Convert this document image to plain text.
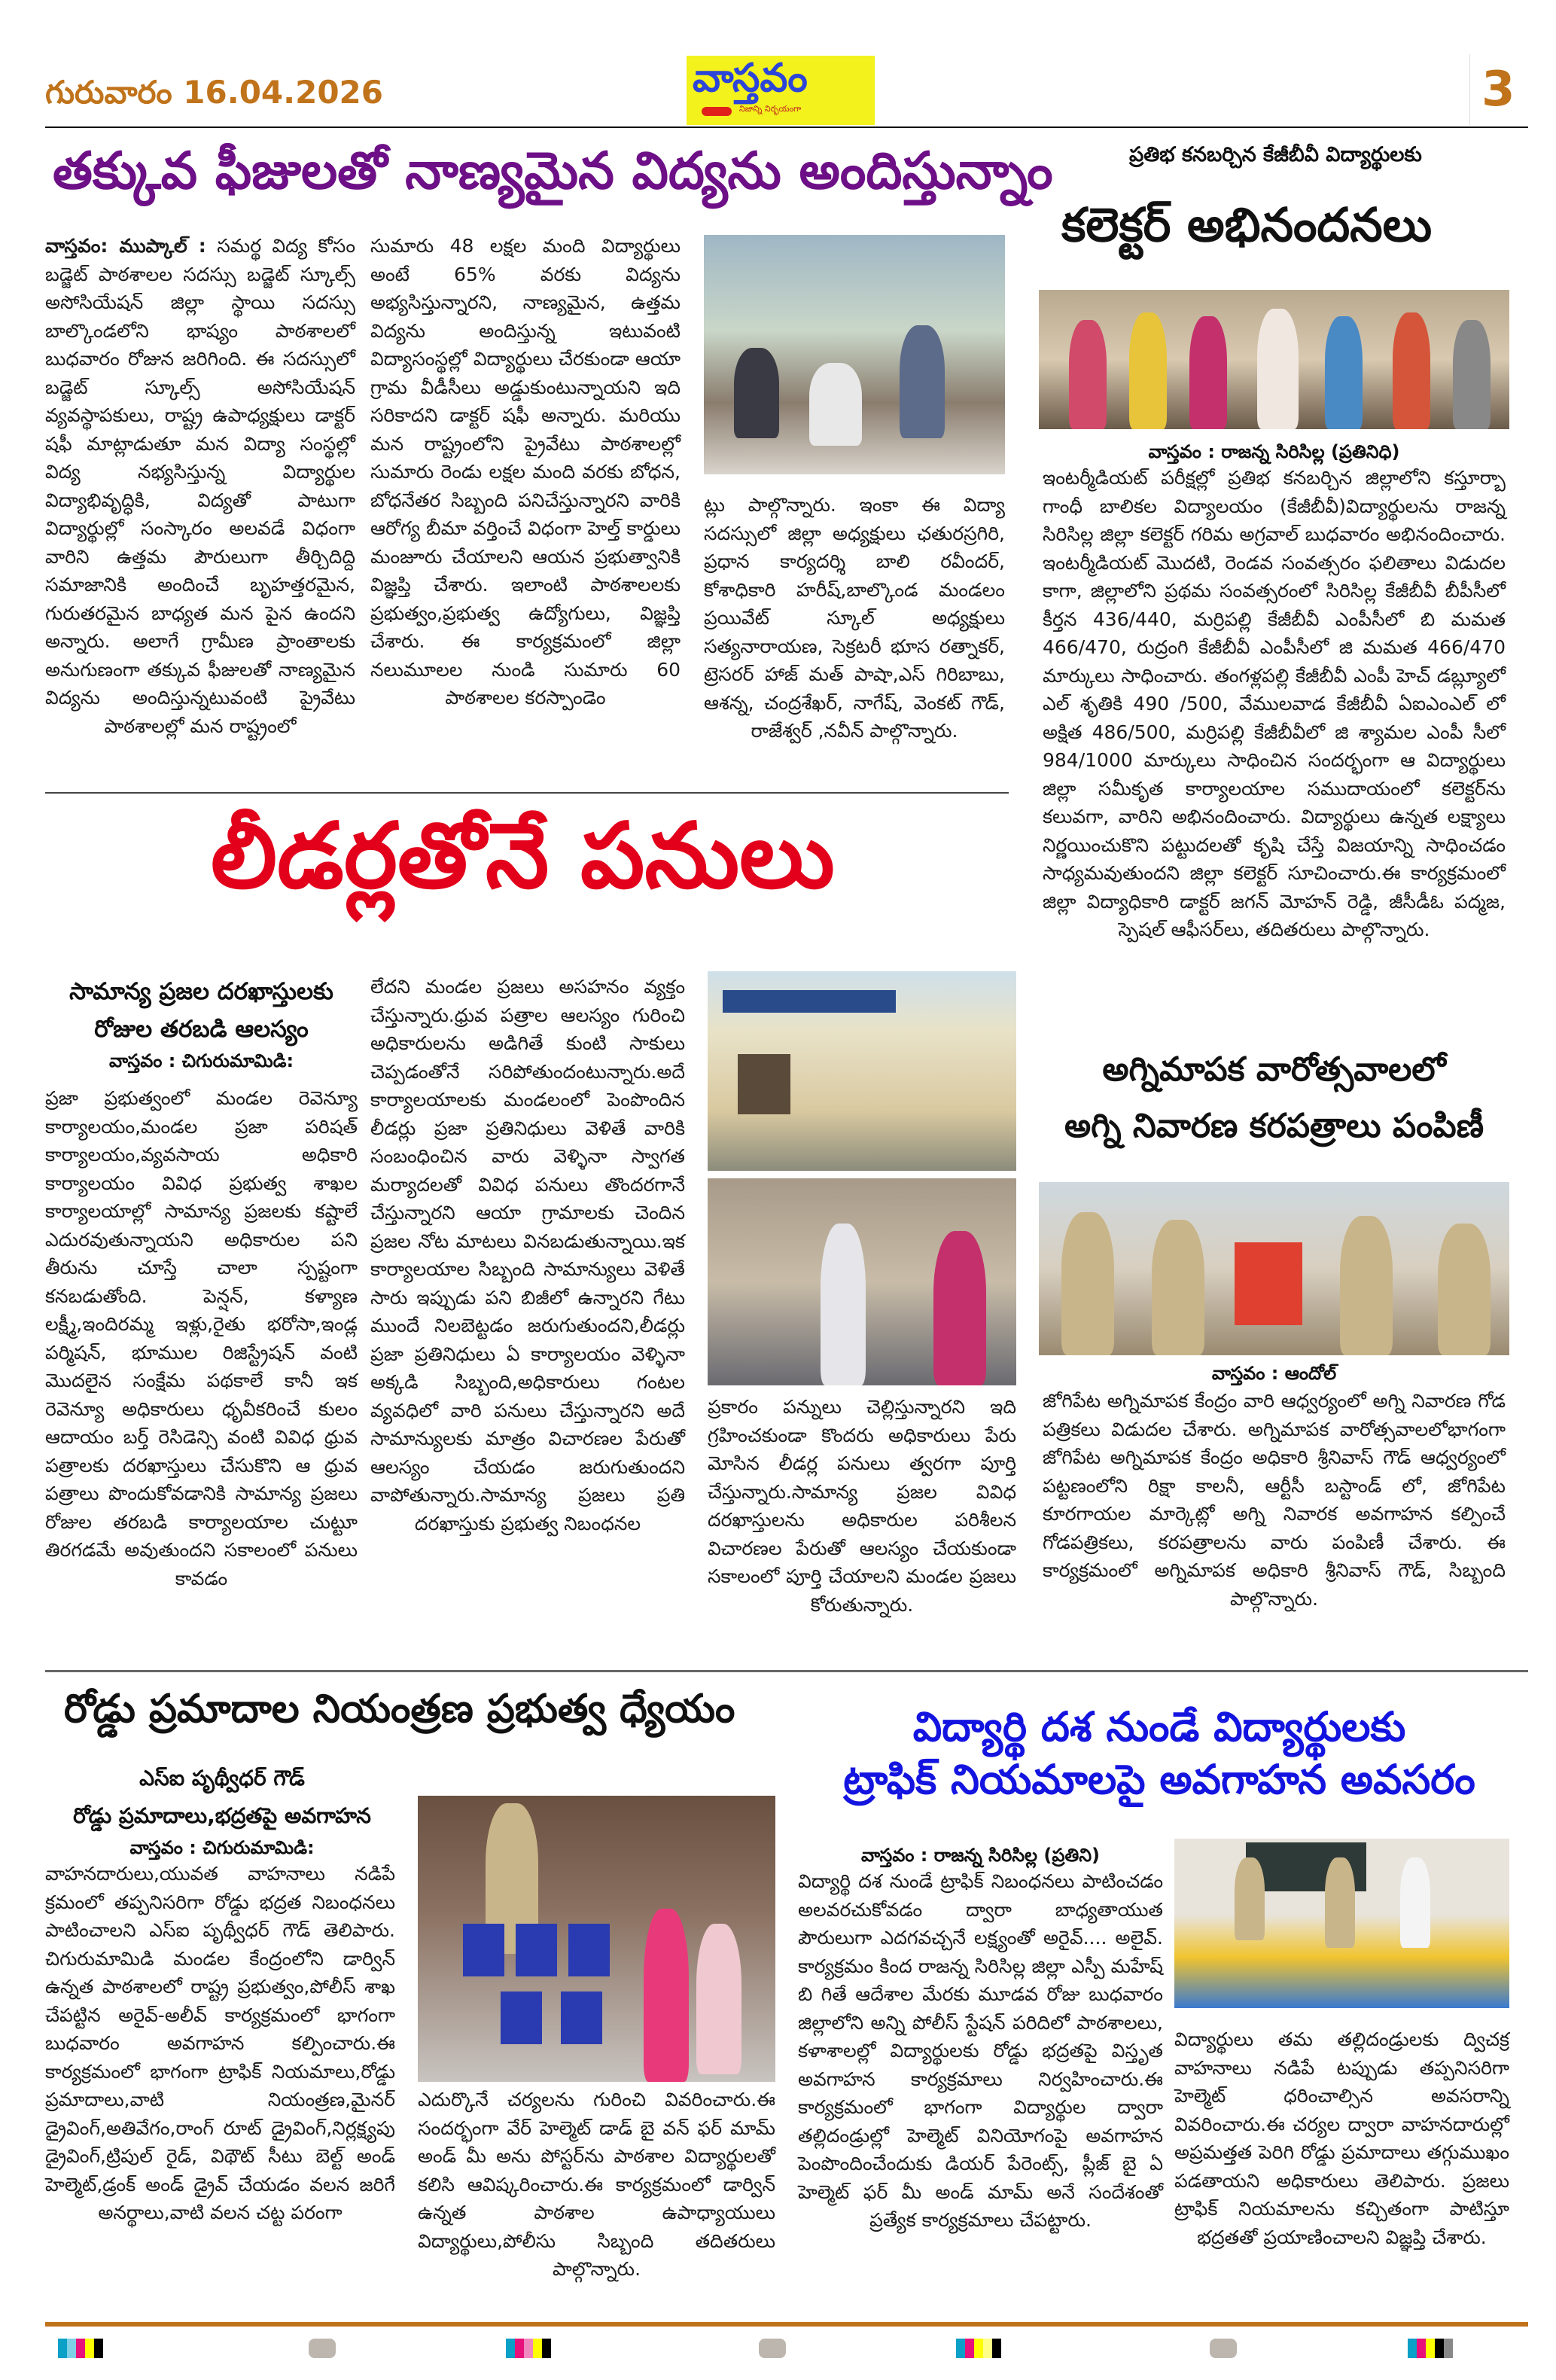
గురువారం 16.04.2026	వాస్తవం
నిజాన్ని నిర్భయంగా	3
తక్కువ ఫీజులతో నాణ్యమైన విద్యను అందిస్తున్నాం
వాస్తవం: ముప్కాల్ : సమర్థ విద్య కోసం బడ్జెట్ పాఠశాలల సదస్సు బడ్జెట్ స్కూల్స్ అసోసియేషన్ జిల్లా స్థాయి సదస్సు బాల్కొండలోని భాష్యం పాఠశాలలో బుధవారం రోజున జరిగింది. ఈ సదస్సులో బడ్జెట్ స్కూల్స్ అసోసియేషన్ వ్యవస్థాపకులు, రాష్ట్ర ఉపాధ్యక్షులు డాక్టర్ షఫీ మాట్లాడుతూ మన విద్యా సంస్థల్లో విద్య నభ్యసిస్తున్న విద్యార్థుల విద్యాభివృద్ధికి, విద్యతో పాటుగా విద్యార్థుల్లో సంస్కారం అలవడే విధంగా వారిని ఉత్తమ పౌరులుగా తీర్చిదిద్ది సమాజానికి అందించే బృహత్తరమైన, గురుతరమైన బాధ్యత మన పైన ఉందని అన్నారు. అలాగే గ్రామీణ ప్రాంతాలకు అనుగుణంగా తక్కువ ఫీజులతో నాణ్యమైన విద్యను అందిస్తున్నటువంటి ప్రైవేటు పాఠశాలల్లో మన రాష్ట్రంలో
సుమారు 48 లక్షల మంది విద్యార్థులు అంటే 65% వరకు విద్యను అభ్యసిస్తున్నారని, నాణ్యమైన, ఉత్తమ విద్యను అందిస్తున్న ఇటువంటి విద్యాసంస్థల్లో విద్యార్థులు చేరకుండా ఆయా గ్రామ వీడీసీలు అడ్డుకుంటున్నాయని ఇది సరికాదని డాక్టర్ షఫీ అన్నారు. మరియు మన రాష్ట్రంలోని ప్రైవేటు పాఠశాలల్లో సుమారు రెండు లక్షల మంది వరకు బోధన, బోధనేతర సిబ్బంది పనిచేస్తున్నారని వారికి ఆరోగ్య బీమా వర్తించే విధంగా హెల్త్ కార్డులు మంజూరు చేయాలని ఆయన ప్రభుత్వానికి విజ్ఞప్తి చేశారు. ఇలాంటి పాఠశాలలకు ప్రభుత్వం,ప్రభుత్వ ఉద్యోగులు, విజ్ఞప్తి చేశారు. ఈ కార్యక్రమంలో జిల్లా నలుమూలల నుండి సుమారు 60 పాఠశాలల కరస్పాండెం
ట్లు పాల్గొన్నారు. ఇంకా ఈ విద్యా సదస్సులో జిల్లా అధ్యక్షులు ఛతురస్రగిరి, ప్రధాన కార్యదర్శి బాలి రవీందర్, కోశాధికారి హరీష్,బాల్కొండ మండలం ప్రయివేట్ స్కూల్ అధ్యక్షులు సత్యనారాయణ, సెక్రటరీ భూస రత్నాకర్, ట్రెసరర్ హాజ్ మత్ పాషా,ఎస్ గిరిబాబు, ఆశన్న, చంద్రశేఖర్, నాగేష్, వెంకట్ గౌడ్, రాజేశ్వర్ ,నవీన్ పాల్గొన్నారు.
ప్రతిభ కనబర్చిన కేజీబీవీ విద్యార్థులకు
కలెక్టర్ అభినందనలు
వాస్తవం : రాజన్న సిరిసిల్ల (ప్రతినిధి)
ఇంటర్మీడియట్ పరీక్షల్లో ప్రతిభ కనబర్చిన జిల్లాలోని కస్తూర్బా గాంధీ బాలికల విద్యాలయం (కేజీబీవీ)విద్యార్థులను రాజన్న సిరిసిల్ల జిల్లా కలెక్టర్ గరిమ అగ్రవాల్ బుధవారం అభినందించారు. ఇంటర్మీడియట్ మొదటి, రెండవ సంవత్సరం ఫలితాలు విడుదల కాగా, జిల్లాలోని ప్రథమ సంవత్సరంలో సిరిసిల్ల కేజీబీవీ బీపీసీలో కీర్తన 436/440, మర్రిపల్లి కేజీబీవీ ఎంపీసీలో బి మమత 466/470, రుద్రంగి కేజీబీవీ ఎంపీసీలో జి మమత 466/470 మార్కులు సాధించారు. తంగళ్లపల్లి కేజీబీవీ ఎంపీ హెచ్ డబ్ల్యూలో ఎల్ శృతికి 490 /500, వేములవాడ కేజీబీవీ ఏఐఎంఎల్ లో అక్షిత 486/500, మర్రిపల్లి కేజీబీవీలో జి శ్యామల ఎంపీ సీలో 984/1000 మార్కులు సాధించిన సందర్భంగా ఆ విద్యార్థులు జిల్లా సమీకృత కార్యాలయాల సముదాయంలో కలెక్టర్‌ను కలువగా, వారిని అభినందించారు. విద్యార్థులు ఉన్నత లక్ష్యాలు నిర్ణయించుకొని పట్టుదలతో కృషి చేస్తే విజయాన్ని సాధించడం సాధ్యమవుతుందని జిల్లా కలెక్టర్ సూచించారు.ఈ కార్యక్రమంలో జిల్లా విద్యాధికారి డాక్టర్ జగన్ మోహన్ రెడ్డి, జీసీడీఓ పద్మజ, స్పెషల్ ఆఫీసర్‌లు, తదితరులు పాల్గొన్నారు.
లీడర్లతోనే పనులు
సామాన్య ప్రజల దరఖాస్తులకు రోజుల తరబడి ఆలస్యం
వాస్తవం : చిగురుమామిడి:
ప్రజా ప్రభుత్వంలో మండల రెవెన్యూ కార్యాలయం,మండల ప్రజా పరిషత్ కార్యాలయం,వ్యవసాయ అధికారి కార్యాలయం వివిధ ప్రభుత్వ శాఖల కార్యాలయాల్లో సామాన్య ప్రజలకు కష్టాలే ఎదురవుతున్నాయని అధికారుల పని తీరును చూస్తే చాలా స్పష్టంగా కనబడుతోంది. పెన్షన్, కళ్యాణ లక్ష్మీ,ఇందిరమ్మ ఇళ్లు,రైతు భరోసా,ఇండ్ల పర్మిషన్, భూముల రిజిస్ట్రేషన్ వంటి మొదలైన సంక్షేమ పథకాలే కానీ ఇక రెవెన్యూ అధికారులు ధృవీకరించే కులం ఆదాయం బర్త్ రెసిడెన్సి వంటి వివిధ ధ్రువ పత్రాలకు దరఖాస్తులు చేసుకొని ఆ ధ్రువ పత్రాలు పొందుకోవడానికి సామాన్య ప్రజలు రోజుల తరబడి కార్యాలయాల చుట్టూ తిరగడమే అవుతుందని సకాలంలో పనులు కావడం
లేదని మండల ప్రజలు అసహనం వ్యక్తం చేస్తున్నారు.ధ్రువ పత్రాల ఆలస్యం గురించి అధికారులను అడిగితే కుంటి సాకులు చెప్పడంతోనే సరిపోతుందంటున్నారు.అదే కార్యాలయాలకు మండలంలో పెంపొందిన లీడర్లు ప్రజా ప్రతినిధులు వెళితే వారికి సంబంధించిన వారు వెళ్ళినా స్వాగత మర్యాదలతో వివిధ పనులు తొందరగానే చేస్తున్నారని ఆయా గ్రామాలకు చెందిన ప్రజల నోట మాటలు వినబడుతున్నాయి.ఇక కార్యాలయాల సిబ్బంది సామాన్యులు వెళితే సారు ఇప్పుడు పని బిజీలో ఉన్నారని గేటు ముందే నిలబెట్టడం జరుగుతుందని,లీడర్లు ప్రజా ప్రతినిధులు ఏ కార్యాలయం వెళ్ళినా అక్కడి సిబ్బంది,అధికారులు గంటల వ్యవధిలో వారి పనులు చేస్తున్నారని అదే సామాన్యులకు మాత్రం విచారణల పేరుతో ఆలస్యం చేయడం జరుగుతుందని వాపోతున్నారు.సామాన్య ప్రజలు ప్రతి దరఖాస్తుకు ప్రభుత్వ నిబంధనల
ప్రకారం పన్నులు చెల్లిస్తున్నారని ఇది గ్రహించకుండా కొందరు అధికారులు పేరు మోసిన లీడర్ల పనులు త్వరగా పూర్తి చేస్తున్నారు.సామాన్య ప్రజల వివిధ దరఖాస్తులను అధికారుల పరిశీలన విచారణల పేరుతో ఆలస్యం చేయకుండా సకాలంలో పూర్తి చేయాలని మండల ప్రజలు కోరుతున్నారు.
అగ్నిమాపక వారోత్సవాలలో
అగ్ని నివారణ కరపత్రాలు పంపిణీ
వాస్తవం : ఆందోల్
జోగిపేట అగ్నిమాపక కేంద్రం వారి ఆధ్వర్యంలో అగ్ని నివారణ గోడ పత్రికలు విడుదల చేశారు. అగ్నిమాపక వారోత్సవాలలోభాగంగా జోగిపేట అగ్నిమాపక కేంద్రం అధికారి శ్రీనివాస్ గౌడ్ ఆధ్వర్యంలో పట్టణంలోని రిక్షా కాలనీ, ఆర్టీసీ బస్టాండ్ లో, జోగిపేట కూరగాయల మార్కెట్లో అగ్ని నివారక అవగాహన కల్పించే గోడపత్రికలు, కరపత్రాలను వారు పంపిణీ చేశారు. ఈ కార్యక్రమంలో అగ్నిమాపక అధికారి శ్రీనివాస్ గౌడ్, సిబ్బంది పాల్గొన్నారు.
రోడ్డు ప్రమాదాల నియంత్రణ ప్రభుత్వ ధ్యేయం
ఎస్ఐ పృథ్వీధర్ గౌడ్
రోడ్డు ప్రమాదాలు,భద్రతపై అవగాహన
వాస్తవం : చిగురుమామిడి:
వాహనదారులు,యువత వాహనాలు నడిపే క్రమంలో తప్పనిసరిగా రోడ్డు భద్రత నిబంధనలు పాటించాలని ఎస్ఐ పృథ్వీధర్ గౌడ్ తెలిపారు. చిగురుమామిడి మండల కేంద్రంలోని డార్విన్ ఉన్నత పాఠశాలలో రాష్ట్ర ప్రభుత్వం,పోలీస్ శాఖ చేపట్టిన అరైవ్-అలీవ్ కార్యక్రమంలో భాగంగా బుధవారం అవగాహన కల్పించారు.ఈ కార్యక్రమంలో భాగంగా ట్రాఫిక్ నియమాలు,రోడ్డు ప్రమాదాలు,వాటి నియంత్రణ,మైనర్ డ్రైవింగ్,అతివేగం,రాంగ్ రూట్ డ్రైవింగ్,నిర్లక్ష్యపు డ్రైవింగ్,ట్రిపుల్ రైడ్, విథౌట్ సీటు బెల్ట్ అండ్ హెల్మెట్,డ్రంక్ అండ్ డ్రైవ్ చేయడం వలన జరిగే అనర్థాలు,వాటి వలన చట్ట పరంగా
ఎదుర్కొనే చర్యలను గురించి వివరించారు.ఈ సందర్భంగా వేర్ హెల్మెట్ డాడ్ బై వన్ ఫర్ మామ్ అండ్ మీ అను పోస్టర్‌ను పాఠశాల విద్యార్థులతో కలిసి ఆవిష్కరించారు.ఈ కార్యక్రమంలో డార్విన్ ఉన్నత పాఠశాల ఉపాధ్యాయులు విద్యార్థులు,పోలీసు సిబ్బంది తదితరులు పాల్గొన్నారు.
విద్యార్థి దశ నుండే విద్యార్థులకు
ట్రాఫిక్ నియమాలపై అవగాహన అవసరం
వాస్తవం : రాజన్న సిరిసిల్ల (ప్రతిని)
విద్యార్థి దశ నుండే ట్రాఫిక్ నిబంధనలు పాటించడం అలవరచుకోవడం ద్వారా బాధ్యతాయుత పౌరులుగా ఎదగవచ్చనే లక్ష్యంతో అరైవ్.... అలైవ్. కార్యక్రమం కింద రాజన్న సిరిసిల్ల జిల్లా ఎస్పీ మహేష్ బి గితే ఆదేశాల మేరకు మూడవ రోజు బుధవారం జిల్లాలోని అన్ని పోలీస్ స్టేషన్ పరిదిలో పాఠశాలలు, కళాశాలల్లో విద్యార్థులకు రోడ్డు భద్రతపై విస్తృత అవగాహన కార్యక్రమాలు నిర్వహించారు.ఈ కార్యక్రమంలో భాగంగా విద్యార్థుల ద్వారా తల్లిదండ్రుల్లో హెల్మెట్ వినియోగంపై అవగాహన పెంపొందించేందుకు డియర్ పేరెంట్స్, ప్లీజ్ బై ఏ హెల్మెట్ ఫర్ మీ అండ్ మామ్ అనే సందేశంతో ప్రత్యేక కార్యక్రమాలు చేపట్టారు.
విద్యార్థులు తమ తల్లిదండ్రులకు ద్విచక్ర వాహనాలు నడిపే టప్పుడు తప్పనిసరిగా హెల్మెట్ ధరించాల్సిన అవసరాన్ని వివరించారు.ఈ చర్యల ద్వారా వాహనదారుల్లో అప్రమత్తత పెరిగి రోడ్డు ప్రమాదాలు తగ్గుముఖం పడతాయని అధికారులు తెలిపారు. ప్రజలు ట్రాఫిక్ నియమాలను కచ్చితంగా పాటిస్తూ భద్రతతో ప్రయాణించాలని విజ్ఞప్తి చేశారు.
